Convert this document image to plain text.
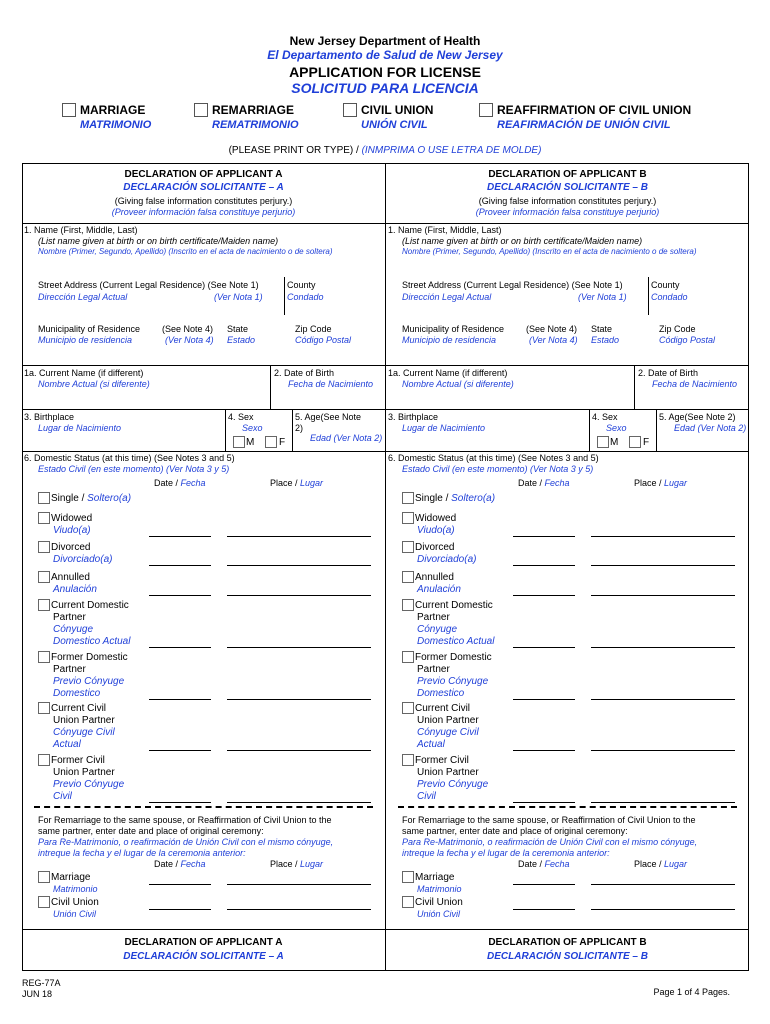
New Jersey Department of Health
El Departamento de Salud de New Jersey
APPLICATION FOR LICENSE
SOLICITUD PARA LICENCIA
MARRIAGE
MATRIMONIO
REMARRIAGE
REMATRIMONIO
CIVIL UNION
UNIÓN CIVIL
REAFFIRMATION OF CIVIL UNION
REAFIRMACIÓN DE UNIÓN CIVIL
(PLEASE PRINT OR TYPE) / (INMPRIMA O USE LETRA DE MOLDE)
DECLARATION OF APPLICANT A
DECLARACIÓN SOLICITANTE – A
(Giving false information constitutes perjury.)
(Proveer información falsa constituye perjurio)
1. Name (First, Middle, Last)
(List name given at birth or on birth certificate/Maiden name)
Nombre (Primer, Segundo, Apellido) (Inscrito en el acta de nacimiento o de soltera)
Street Address (Current Legal Residence) (See Note 1)
Dirección Legal Actual	(Ver Nota 1)
County
Condado
Municipality of Residence
Municipio de residencia
(See Note 4)
(Ver Nota 4)
State
Estado
Zip Code
Código Postal
1a. Current Name (if different)
Nombre Actual (si diferente)
2. Date of Birth
Fecha de Nacimiento
3. Birthplace
Lugar de Nacimiento
4. Sex
Sexo
M F
5. Age(See Note
2)
Edad (Ver Nota 2)
6. Domestic Status (at this time) (See Notes 3 and 5)
Estado Civil (en este momento) (Ver Nota 3 y 5)
Date / Fecha	Place / Lugar
Single / Soltero(a)
Widowed
Viudo(a)
Divorced
Divorciado(a)
Annulled
Anulación
Current Domestic
Partner
Cónyuge
Domestico Actual
Former Domestic
Partner
Previo Cónyuge
Domestico
Current Civil
Union Partner
Cónyuge Civil
Actual
Former Civil
Union Partner
Previo Cónyuge
Civil
For Remarriage to the same spouse, or Reaffirmation of Civil Union to the
same partner, enter date and place of original ceremony:
Para Re-Matrimonio, o reafirmación de Unión Civil con el mismo cónyuge,
intreque la fecha y el lugar de la ceremonia anterior:
Date / Fecha	Place / Lugar
Marriage
Matrimonio
Civil Union
Unión Civil
DECLARATION OF APPLICANT A
DECLARACIÓN SOLICITANTE – A
DECLARATION OF APPLICANT B
DECLARACIÓN SOLICITANTE – B
(Giving false information constitutes perjury.)
(Proveer información falsa constituye perjurio)
1. Name (First, Middle, Last)
(List name given at birth or on birth certificate/Maiden name)
Nombre (Primer, Segundo, Apellido) (Inscrito en el acta de nacimiento o de soltera)
Street Address (Current Legal Residence) (See Note 1)
Dirección Legal Actual	(Ver Nota 1)
County
Condado
Municipality of Residence
Municipio de residencia
(See Note 4)
(Ver Nota 4)
State
Estado
Zip Code
Código Postal
1a. Current Name (if different)
Nombre Actual (si diferente)
2. Date of Birth
Fecha de Nacimiento
3. Birthplace
Lugar de Nacimiento
4. Sex
Sexo
M F
5. Age(See Note 2)
Edad (Ver Nota 2)
6. Domestic Status (at this time) (See Notes 3 and 5)
Estado Civil (en este momento) (Ver Nota 3 y 5)
Date / Fecha	Place / Lugar
Single / Soltero(a)
Widowed
Viudo(a)
Divorced
Divorciado(a)
Annulled
Anulación
Current Domestic
Partner
Cónyuge
Domestico Actual
Former Domestic
Partner
Previo Cónyuge
Domestico
Current Civil
Union Partner
Cónyuge Civil
Actual
Former Civil
Union Partner
Previo Cónyuge
Civil
For Remarriage to the same spouse, or Reaffirmation of Civil Union to the
same partner, enter date and place of original ceremony:
Para Re-Matrimonio, o reafirmación de Unión Civil con el mismo cónyuge,
intreque la fecha y el lugar de la ceremonia anterior:
Date / Fecha	Place / Lugar
Marriage
Matrimonio
Civil Union
Unión Civil
DECLARATION OF APPLICANT B
DECLARACIÓN SOLICITANTE – B
REG-77A
JUN 18	Page 1 of 4 Pages.
